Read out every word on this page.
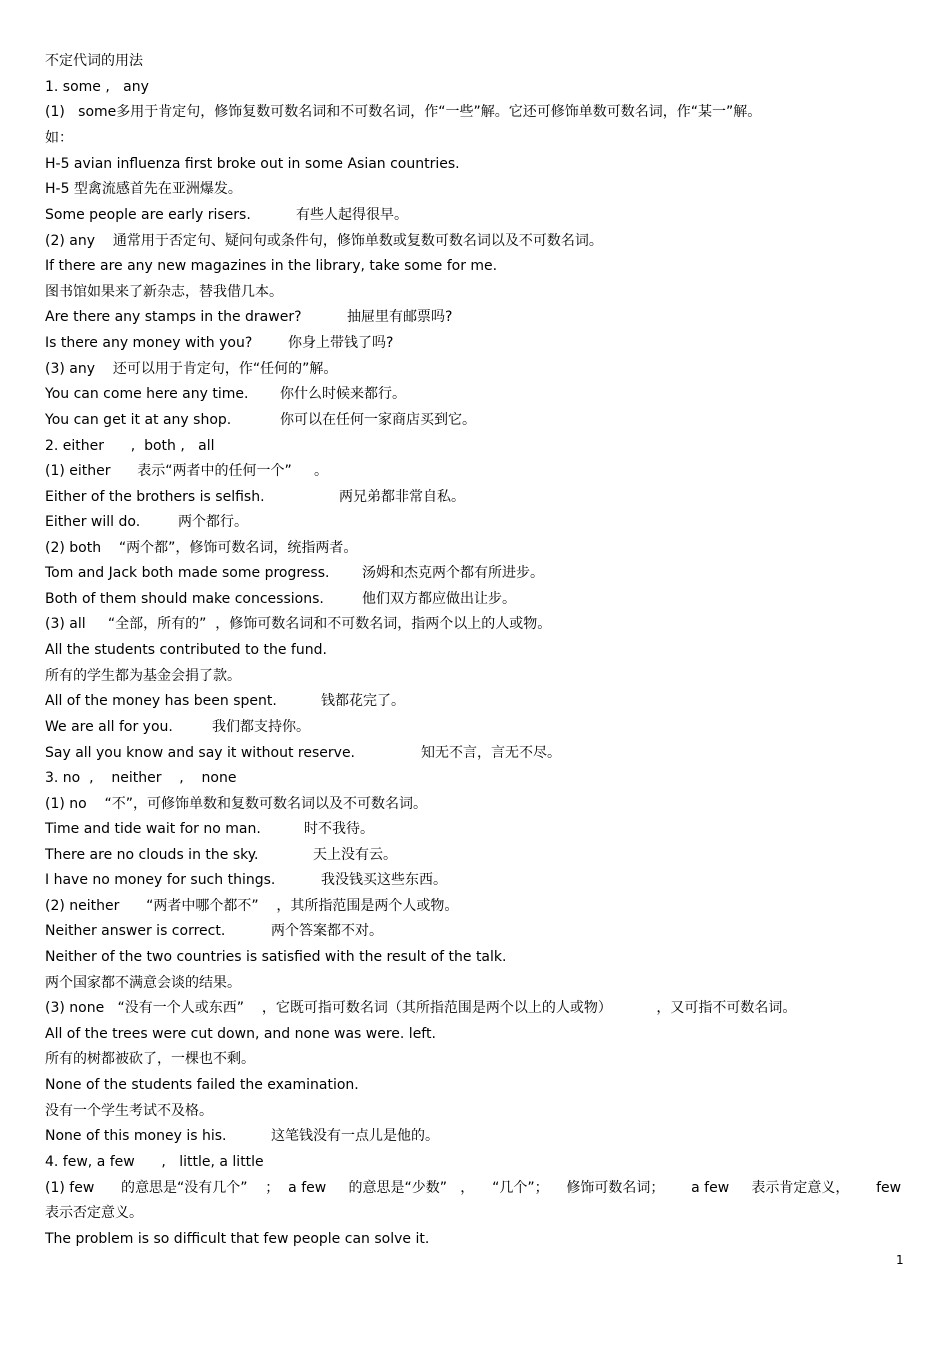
不定代词的用法
1. some ,   any
(1)   some多用于肯定句，修饰复数可数名词和不可数名词，作“一些”解。它还可修饰单数可数名词，作“某一”解。
如：
H-5 avian influenza first broke out in some Asian countries.
H-5 型禽流感首先在亚洲爆发。
Some people are early risers.	有些人起得很早。
(2) any    通常用于否定句、疑问句或条件句，修饰单数或复数可数名词以及不可数名词。
If there are any new magazines in the library, take some for me.
图书馆如果来了新杂志，替我借几本。
Are there any stamps in the drawer?	抽屉里有邮票吗?
Is there any money with you?	你身上带钱了吗?
(3) any    还可以用于肯定句，作“任何的”解。
You can come here any time. 你什么时候来都行。
You can get it at any shop.	你可以在任何一家商店买到它。
2. either      ,  both ,   all
(1) either      表示“两者中的任何一个”     。
Either of the brothers is selfish.	两兄弟都非常自私。
Either will do.	两个都行。
(2) both    “两个都”，修饰可数名词，统指两者。
Tom and Jack both made some progress. 汤姆和杰克两个都有所进步。
Both of them should make concessions.	他们双方都应做出让步。
(3) all     “全部，所有的”  ，修饰可数名词和不可数名词，指两个以上的人或物。
All the students contributed to the fund.
所有的学生都为基金会捐了款。
All of the money has been spent.	钱都花完了。
We are all for you.	我们都支持你。
Say all you know and say it without reserve.	知无不言，言无不尽。
3. no  ,    neither    ,    none
(1) no    “不”，可修饰单数和复数可数名词以及不可数名词。
Time and tide wait for no man.	时不我待。
There are no clouds in the sky.	天上没有云。
I have no money for such things.	我没钱买这些东西。
(2) neither      “两者中哪个都不”    ，其所指范围是两个人或物。
Neither answer is correct.	两个答案都不对。
Neither of the two countries is satisfied with the result of the talk.
两个国家都不满意会谈的结果。
(3) none   “没有一个人或东西”    ，它既可指可数名词（其所指范围是两个以上的人或物）          ，又可指不可数名词。
All of the trees were cut down, and none was were. left.
所有的树都被砍了，一棵也不剩。
None of the students failed the examination.
没有一个学生考试不及格。
None of this money is his.	这笔钱没有一点儿是他的。
4. few, a few      ,   little, a little
(1) few      的意思是“没有几个”    ；  a few     的意思是“少数”   ，    “几个”；    修饰可数名词；      a few     表示肯定意义，      few
表示否定意义。
The problem is so difficult that few people can solve it.
1
